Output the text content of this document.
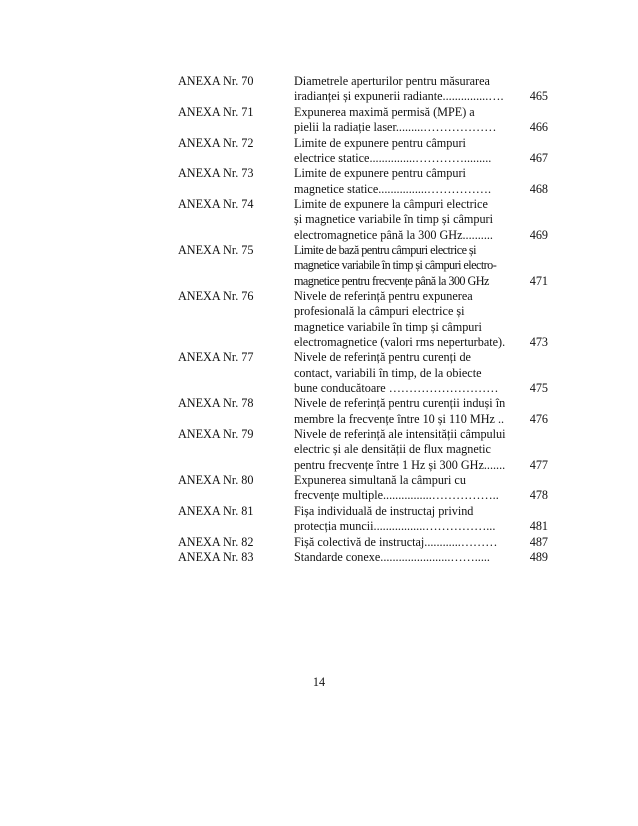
ANEXA Nr. 70	Diametrele aperturilor pentru măsurarea
iradianței și expunerii radiante...............….	465
ANEXA Nr. 71	Expunerea maximă permisă (MPE) a
pielii la radiație laser.........………………	466
ANEXA Nr. 72	Limite de expunere pentru câmpuri
electrice statice...............………….........	467
ANEXA Nr. 73	Limite de expunere pentru câmpuri
magnetice statice................…………….	468
ANEXA Nr. 74	Limite de expunere la câmpuri electrice
și magnetice variabile în timp și câmpuri
electromagnetice până la 300 GHz..........	469
ANEXA Nr. 75	Limite de bază pentru câmpuri electrice și
magnetice variabile în timp și câmpuri electro-
magnetice pentru frecvențe până la 300 GHz	471
ANEXA Nr. 76	Nivele de referință pentru expunerea
profesională la câmpuri electrice și
magnetice variabile în timp și câmpuri
electromagnetice (valori rms neperturbate).	473
ANEXA Nr. 77	Nivele de referință pentru curenți de
contact, variabili în timp, de la obiecte
bune conducătoare ………………………	475
ANEXA Nr. 78	Nivele de referință pentru curenții induși în
membre la frecvențe între 10 și 110 MHz ..	476
ANEXA Nr. 79	Nivele de referință ale intensității câmpului
electric și ale densității de flux magnetic
pentru frecvențe între 1 Hz și 300 GHz.......	477
ANEXA Nr. 80	Expunerea simultană la câmpuri cu
frecvențe multiple................……………..	478
ANEXA Nr. 81	Fișa individuală de instructaj privind
protecția muncii.................……………...	481
ANEXA Nr. 82	Fișă colectivă de instructaj............………	487
ANEXA Nr. 83	Standarde conexe.......................…….....	489
14
